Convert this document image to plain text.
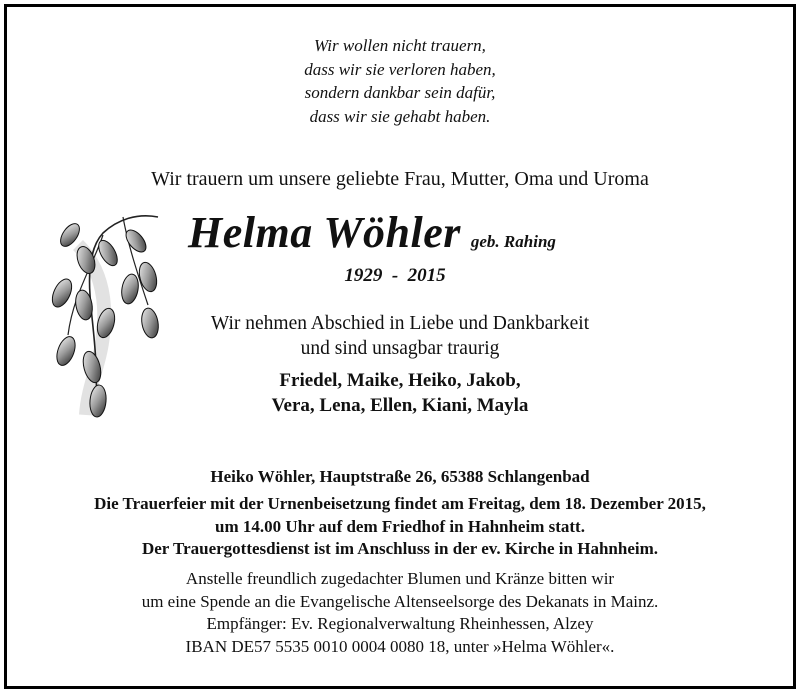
Wir wollen nicht trauern,
dass wir sie verloren haben,
sondern dankbar sein dafür,
dass wir sie gehabt haben.
Wir trauern um unsere geliebte Frau, Mutter, Oma und Uroma
Helma Wöhler geb. Rahing
1929  -  2015
Wir nehmen Abschied in Liebe und Dankbarkeit
und sind unsagbar traurig
Friedel, Maike, Heiko, Jakob,
Vera, Lena, Ellen, Kiani, Mayla
Heiko Wöhler, Hauptstraße 26, 65388 Schlangenbad
Die Trauerfeier mit der Urnenbeisetzung findet am Freitag, dem 18. Dezember 2015,
um 14.00 Uhr auf dem Friedhof in Hahnheim statt.
Der Trauergottesdienst ist im Anschluss in der ev. Kirche in Hahnheim.
Anstelle freundlich zugedachter Blumen und Kränze bitten wir
um eine Spende an die Evangelische Altenseelsorge des Dekanats in Mainz.
Empfänger: Ev. Regionalverwaltung Rheinhessen, Alzey
IBAN DE57 5535 0010 0004 0080 18, unter »Helma Wöhler«.
